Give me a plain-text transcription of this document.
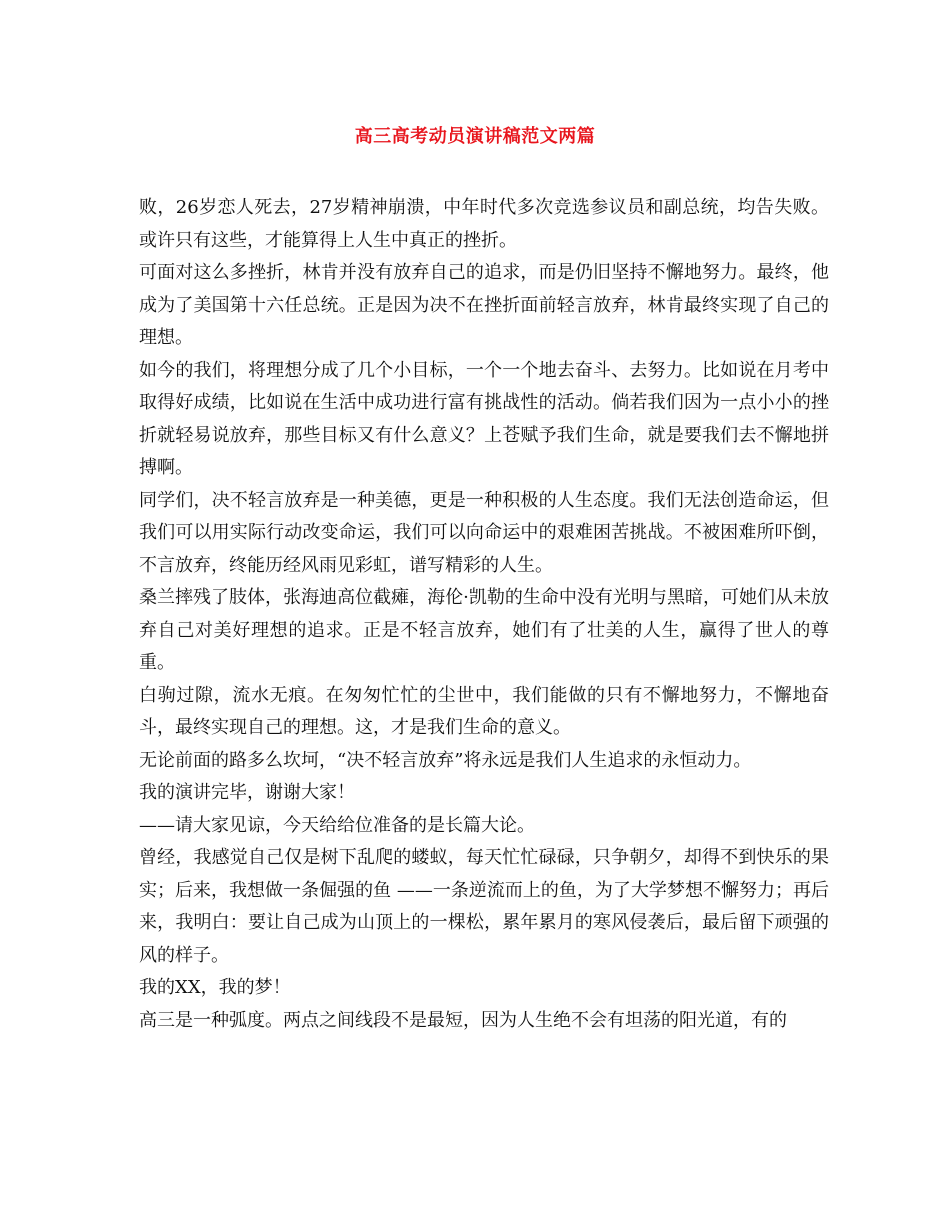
高三高考动员演讲稿范文两篇

败，26岁恋人死去，27岁精神崩溃，中年时代多次竞选参议员和副总统，均告失败。或许只有这些，才能算得上人生中真正的挫折。

可面对这么多挫折，林肯并没有放弃自己的追求，而是仍旧坚持不懈地努力。最终，他成为了美国第十六任总统。正是因为决不在挫折面前轻言放弃，林肯最终实现了自己的理想。

如今的我们，将理想分成了几个小目标，一个一个地去奋斗、去努力。比如说在月考中取得好成绩，比如说在生活中成功进行富有挑战性的活动。倘若我们因为一点小小的挫折就轻易说放弃，那些目标又有什么意义？上苍赋予我们生命，就是要我们去不懈地拼搏啊。

同学们，决不轻言放弃是一种美德，更是一种积极的人生态度。我们无法创造命运，但我们可以用实际行动改变命运，我们可以向命运中的艰难困苦挑战。不被困难所吓倒，不言放弃，终能历经风雨见彩虹，谱写精彩的人生。

桑兰摔残了肢体，张海迪高位截瘫，海伦·凯勒的生命中没有光明与黑暗，可她们从未放弃自己对美好理想的追求。正是不轻言放弃，她们有了壮美的人生，赢得了世人的尊重。

白驹过隙，流水无痕。在匆匆忙忙的尘世中，我们能做的只有不懈地努力，不懈地奋斗，最终实现自己的理想。这，才是我们生命的意义。

无论前面的路多么坎坷，“决不轻言放弃”将永远是我们人生追求的永恒动力。

我的演讲完毕，谢谢大家！

——请大家见谅，今天给给位准备的是长篇大论。

曾经，我感觉自己仅是树下乱爬的蝼蚁，每天忙忙碌碌，只争朝夕，却得不到快乐的果实；后来，我想做一条倔强的鱼 ——一条逆流而上的鱼，为了大学梦想不懈努力；再后来，我明白：要让自己成为山顶上的一棵松，累年累月的寒风侵袭后，最后留下顽强的风的样子。

我的XX，我的梦！

高三是一种弧度。两点之间线段不是最短，因为人生绝不会有坦荡的阳光道，有的
